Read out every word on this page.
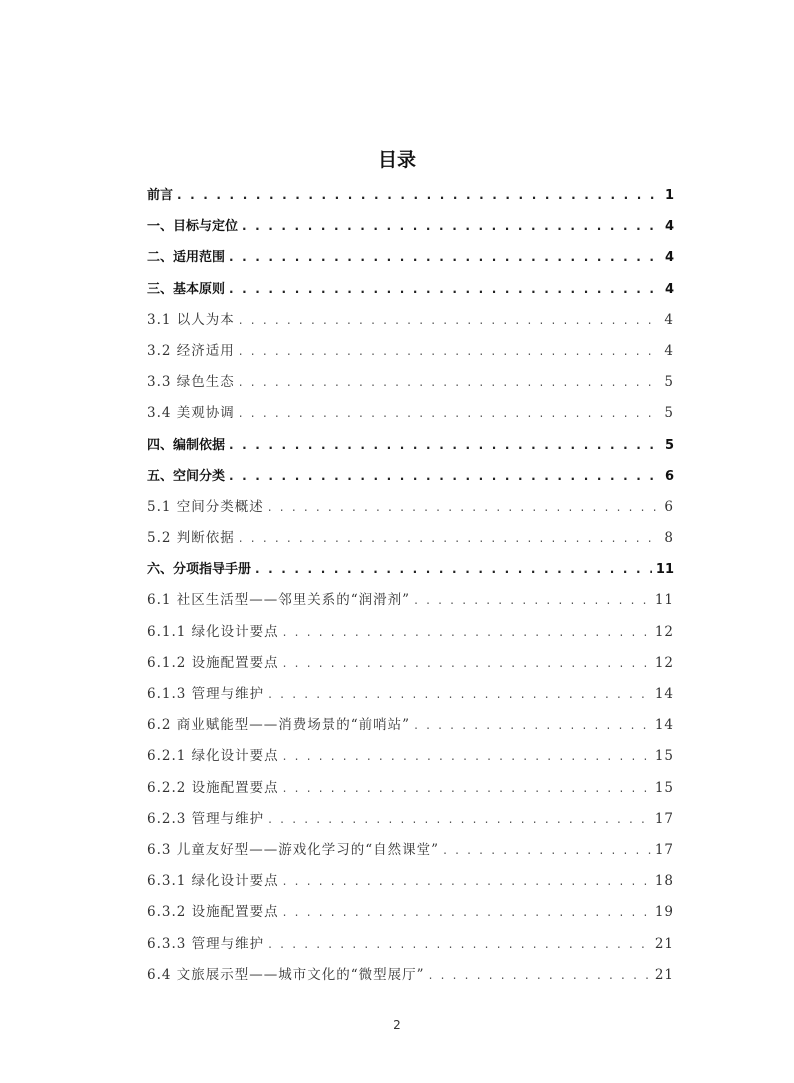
目录
前言 . . .	1
一、目标与定位 . . .	4
二、适用范围 . . .	4
三、基本原则 . . .	4
3.1 以人为本 . . .	4
3.2 经济适用 . . .	4
3.3 绿色生态 . . .	5
3.4 美观协调 . . .	5
四、编制依据 . . .	5
五、空间分类 . . .	6
5.1 空间分类概述 . . .	6
5.2 判断依据 . . .	8
六、分项指导手册 . . .	11
6.1 社区生活型——邻里关系的“润滑剂” . . .	11
6.1.1 绿化设计要点 . . .	12
6.1.2 设施配置要点 . . .	12
6.1.3 管理与维护 . . .	14
6.2 商业赋能型——消费场景的“前哨站” . . .	14
6.2.1 绿化设计要点 . . .	15
6.2.2 设施配置要点 . . .	15
6.2.3 管理与维护 . . .	17
6.3 儿童友好型——游戏化学习的“自然课堂” . . .	17
6.3.1 绿化设计要点 . . .	18
6.3.2 设施配置要点 . . .	19
6.3.3 管理与维护 . . .	21
6.4 文旅展示型——城市文化的“微型展厅” . . .	21
2
